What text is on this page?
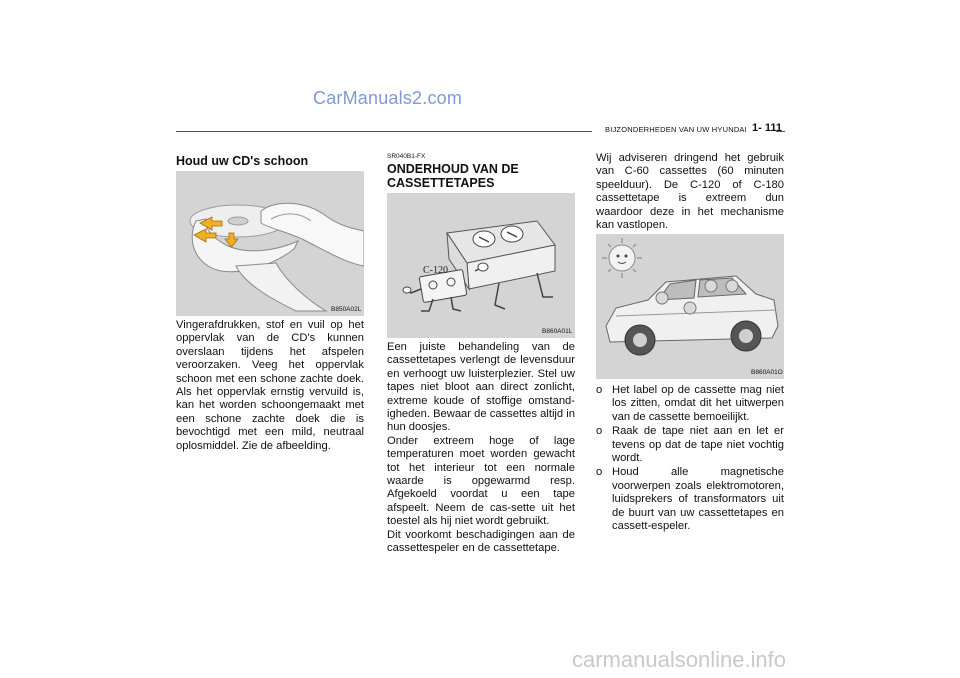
CarManuals2.com
carmanualsonline.info
BIJZONDERHEDEN VAN UW HYUNDAI 1- 111
Houd uw CD's schoon
B850A02L
Vingerafdrukken, stof en vuil op het oppervlak van de CD's kunnen overslaan tijdens het afspelen veroorzaken. Veeg het oppervlak schoon met een schone zachte doek. Als het oppervlak ernstig vervuild is, kan het worden schoongemaakt met een schone zachte doek die is bevochtigd met een mild, neutraal oplosmiddel. Zie de afbeelding.
SR040B1-FX
ONDERHOUD VAN DE CASSETTETAPES
C-120
B860A01L
Een juiste behandeling van de cassettetapes verlengt de levensduur en verhoogt uw luisterplezier. Stel uw tapes niet bloot aan direct zonlicht, extreme koude of stoffige omstand-igheden. Bewaar de cassettes altijd in hun doosjes.
Onder extreem hoge of lage temperaturen moet worden gewacht tot het interieur tot een normale waarde is opgewarmd resp. Afgekoeld voordat u een tape afspeelt. Neem de cas-sette uit het toestel als hij niet wordt gebruikt.
Dit voorkomt beschadigingen aan de cassettespeler en de cassettetape.
Wij adviseren dringend het gebruik van C-60 cassettes (60 minuten speelduur). De C-120 of C-180 cassettetape is extreem dun waardoor deze in het mechanisme kan vastlopen.
B860A01O
o Het label op de cassette mag niet los zitten, omdat dit het uitwerpen van de cassette bemoeilijkt.
o Raak de tape niet aan en let er tevens op dat de tape niet vochtig wordt.
o Houd alle magnetische voorwerpen zoals elektromotoren, luidsprekers of transformators uit de buurt van uw cassettetapes en cassett-espeler.
